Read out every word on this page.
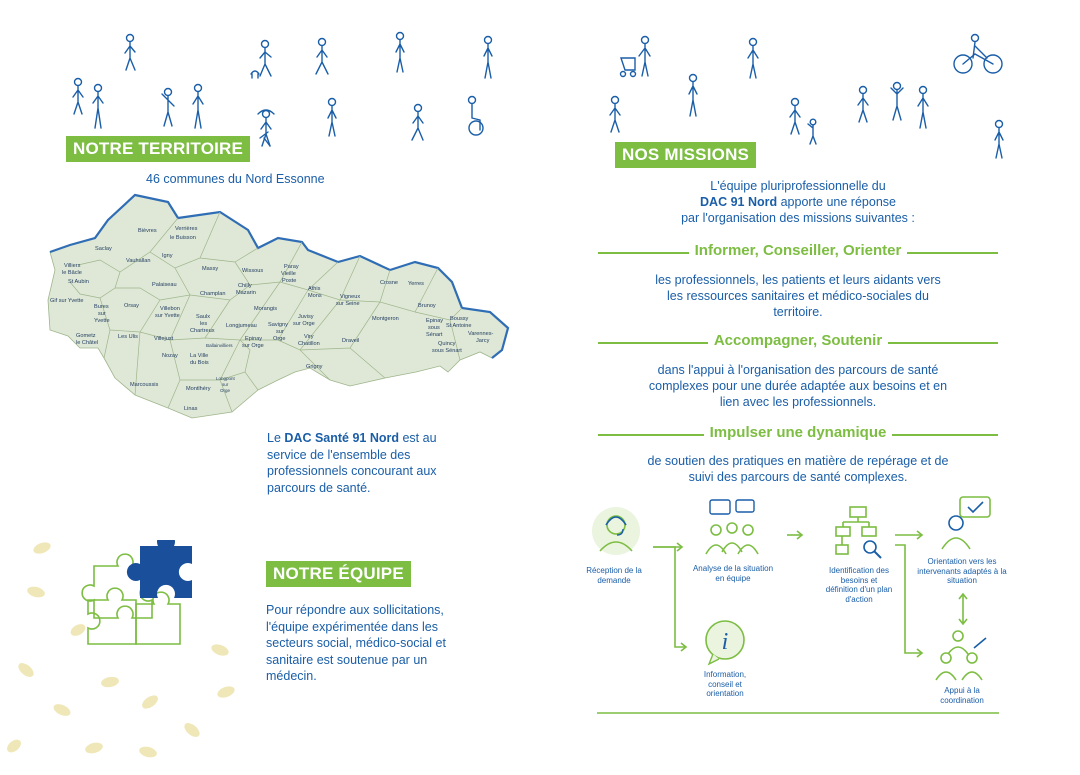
NOTRE TERRITOIRE
46 communes du Nord Essonne
Bièvres	Verrières
le Buisson
Saclay
Igny
Vauhallan
Massy	Wissous
Paray
Vieille
Poste
Villiers
le Bâcle
St Aubin	Palaiseau	Chilly
Mazarin
Athis
Mons
Crosne Yerres
Gif sur Yvette
Champlan	Vigneux
sur Seine	Brunoy
Bures
sur
Yvette
Orsay	Villebon
sur Yvette	Saulx
les
Chartreux
Morangis
Juvisy
sur Orge
Montgeron	Epinay
sous
Sénart
Boussy
St Antoine
Varennes-
Jarcy
Gometz
le Châtel
Les Ulis	Villejust
Longjumeau Savigny
sur
Orge	Viry
Chatillon	Draveil	Quincy
sous Sénart
Ballainvilliers
Epinay
sur Orge
Nozay La Ville
du Bois
Grigny
Marcoussis
Montlhéry
Longpont
sur
Orge
Linas
Le DAC Santé 91 Nord est au service de l'ensemble des professionnels concourant aux parcours de santé.
NOTRE ÉQUIPE
Pour répondre aux sollicitations, l'équipe expérimentée dans les secteurs social, médico-social et sanitaire est soutenue par un médecin.
NOS MISSIONS
L'équipe pluriprofessionnelle du
DAC 91 Nord apporte une réponse
par l'organisation des missions suivantes :
Informer, Conseiller, Orienter
les professionnels, les patients et leurs aidants vers les ressources sanitaires et médico-sociales du territoire.
Accompagner, Soutenir
dans l'appui à l'organisation des parcours de santé complexes pour une durée adaptée aux besoins et en lien avec les professionnels.
Impulser une dynamique
de soutien des pratiques en matière de repérage et de suivi des parcours de santé complexes.
i
Réception de la demande
Analyse de la situation en équipe
Identification des besoins et définition d'un plan d'action
Orientation vers les intervenants adaptés à la situation
Appui à la coordination
Information, conseil et orientation
